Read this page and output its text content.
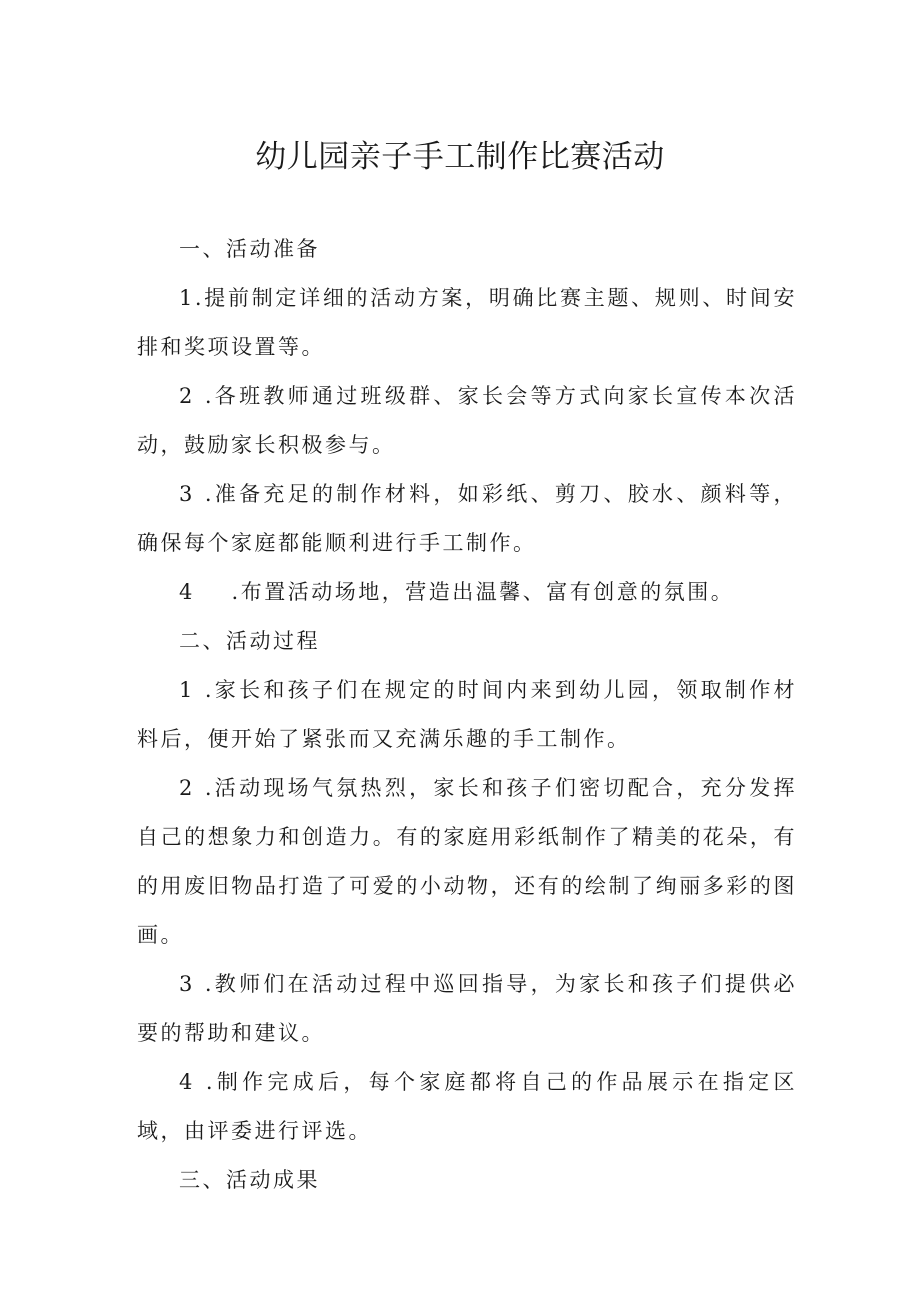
幼儿园亲子手工制作比赛活动

一、活动准备

1.提前制定详细的活动方案，明确比赛主题、规则、时间安排和奖项设置等。

2 .各班教师通过班级群、家长会等方式向家长宣传本次活动，鼓励家长积极参与。

3 .准备充足的制作材料，如彩纸、剪刀、胶水、颜料等，确保每个家庭都能顺利进行手工制作。

4    .布置活动场地，营造出温馨、富有创意的氛围。

二、活动过程

1 .家长和孩子们在规定的时间内来到幼儿园，领取制作材料后，便开始了紧张而又充满乐趣的手工制作。

2 .活动现场气氛热烈，家长和孩子们密切配合，充分发挥自己的想象力和创造力。有的家庭用彩纸制作了精美的花朵，有的用废旧物品打造了可爱的小动物，还有的绘制了绚丽多彩的图画。

3 .教师们在活动过程中巡回指导，为家长和孩子们提供必要的帮助和建议。

4 .制作完成后，每个家庭都将自己的作品展示在指定区域，由评委进行评选。

三、活动成果
